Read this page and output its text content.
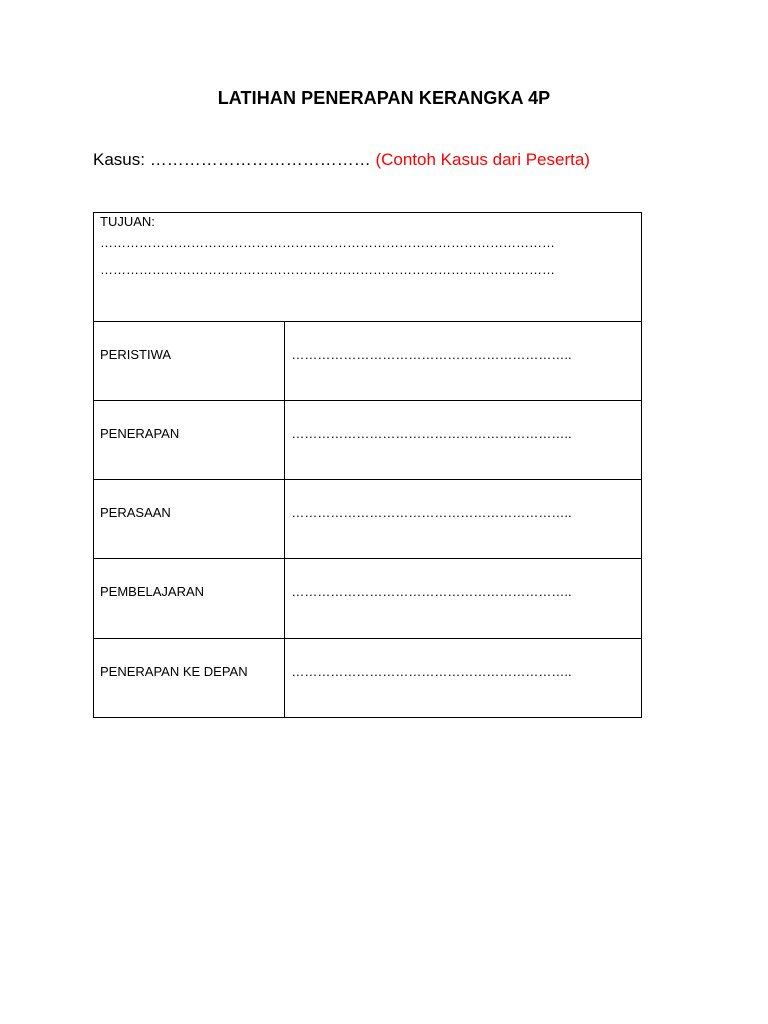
LATIHAN PENERAPAN KERANGKA 4P
Kasus: ………………………………… (Contoh Kasus dari Peserta)
TUJUAN:
……………………………………………………………………………………………
……………………………………………………………………………………………	

PERISTIWA	………………………………………………………..
PENERAPAN	………………………………………………………..
PERASAAN	………………………………………………………..
PEMBELAJARAN	………………………………………………………..
PENERAPAN KE DEPAN	………………………………………………………..
